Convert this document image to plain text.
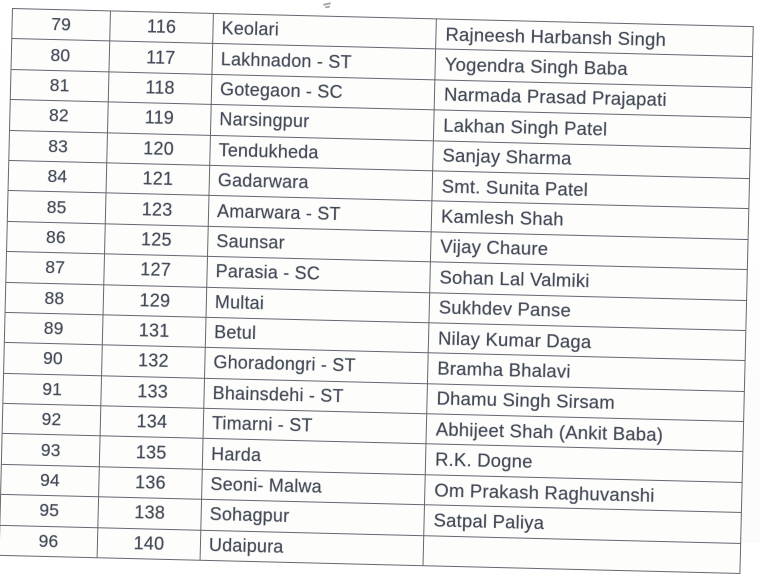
79	116	Keolari	Rajneesh Harbansh Singh
80	117	Lakhnadon - ST	Yogendra Singh Baba
81	118	Gotegaon - SC	Narmada Prasad Prajapati
82	119	Narsingpur	Lakhan Singh Patel
83	120	Tendukheda	Sanjay Sharma
84	121	Gadarwara	Smt. Sunita Patel
85	123	Amarwara - ST	Kamlesh Shah
86	125	Saunsar	Vijay Chaure
87	127	Parasia - SC	Sohan Lal Valmiki
88	129	Multai	Sukhdev Panse
89	131	Betul	Nilay Kumar Daga
90	132	Ghoradongri - ST	Bramha Bhalavi
91	133	Bhainsdehi - ST	Dhamu Singh Sirsam
92	134	Timarni - ST	Abhijeet Shah (Ankit Baba)
93	135	Harda	R.K. Dogne
94	136	Seoni- Malwa	Om Prakash Raghuvanshi
95	138	Sohagpur	Satpal Paliya
96	140	Udaipura
